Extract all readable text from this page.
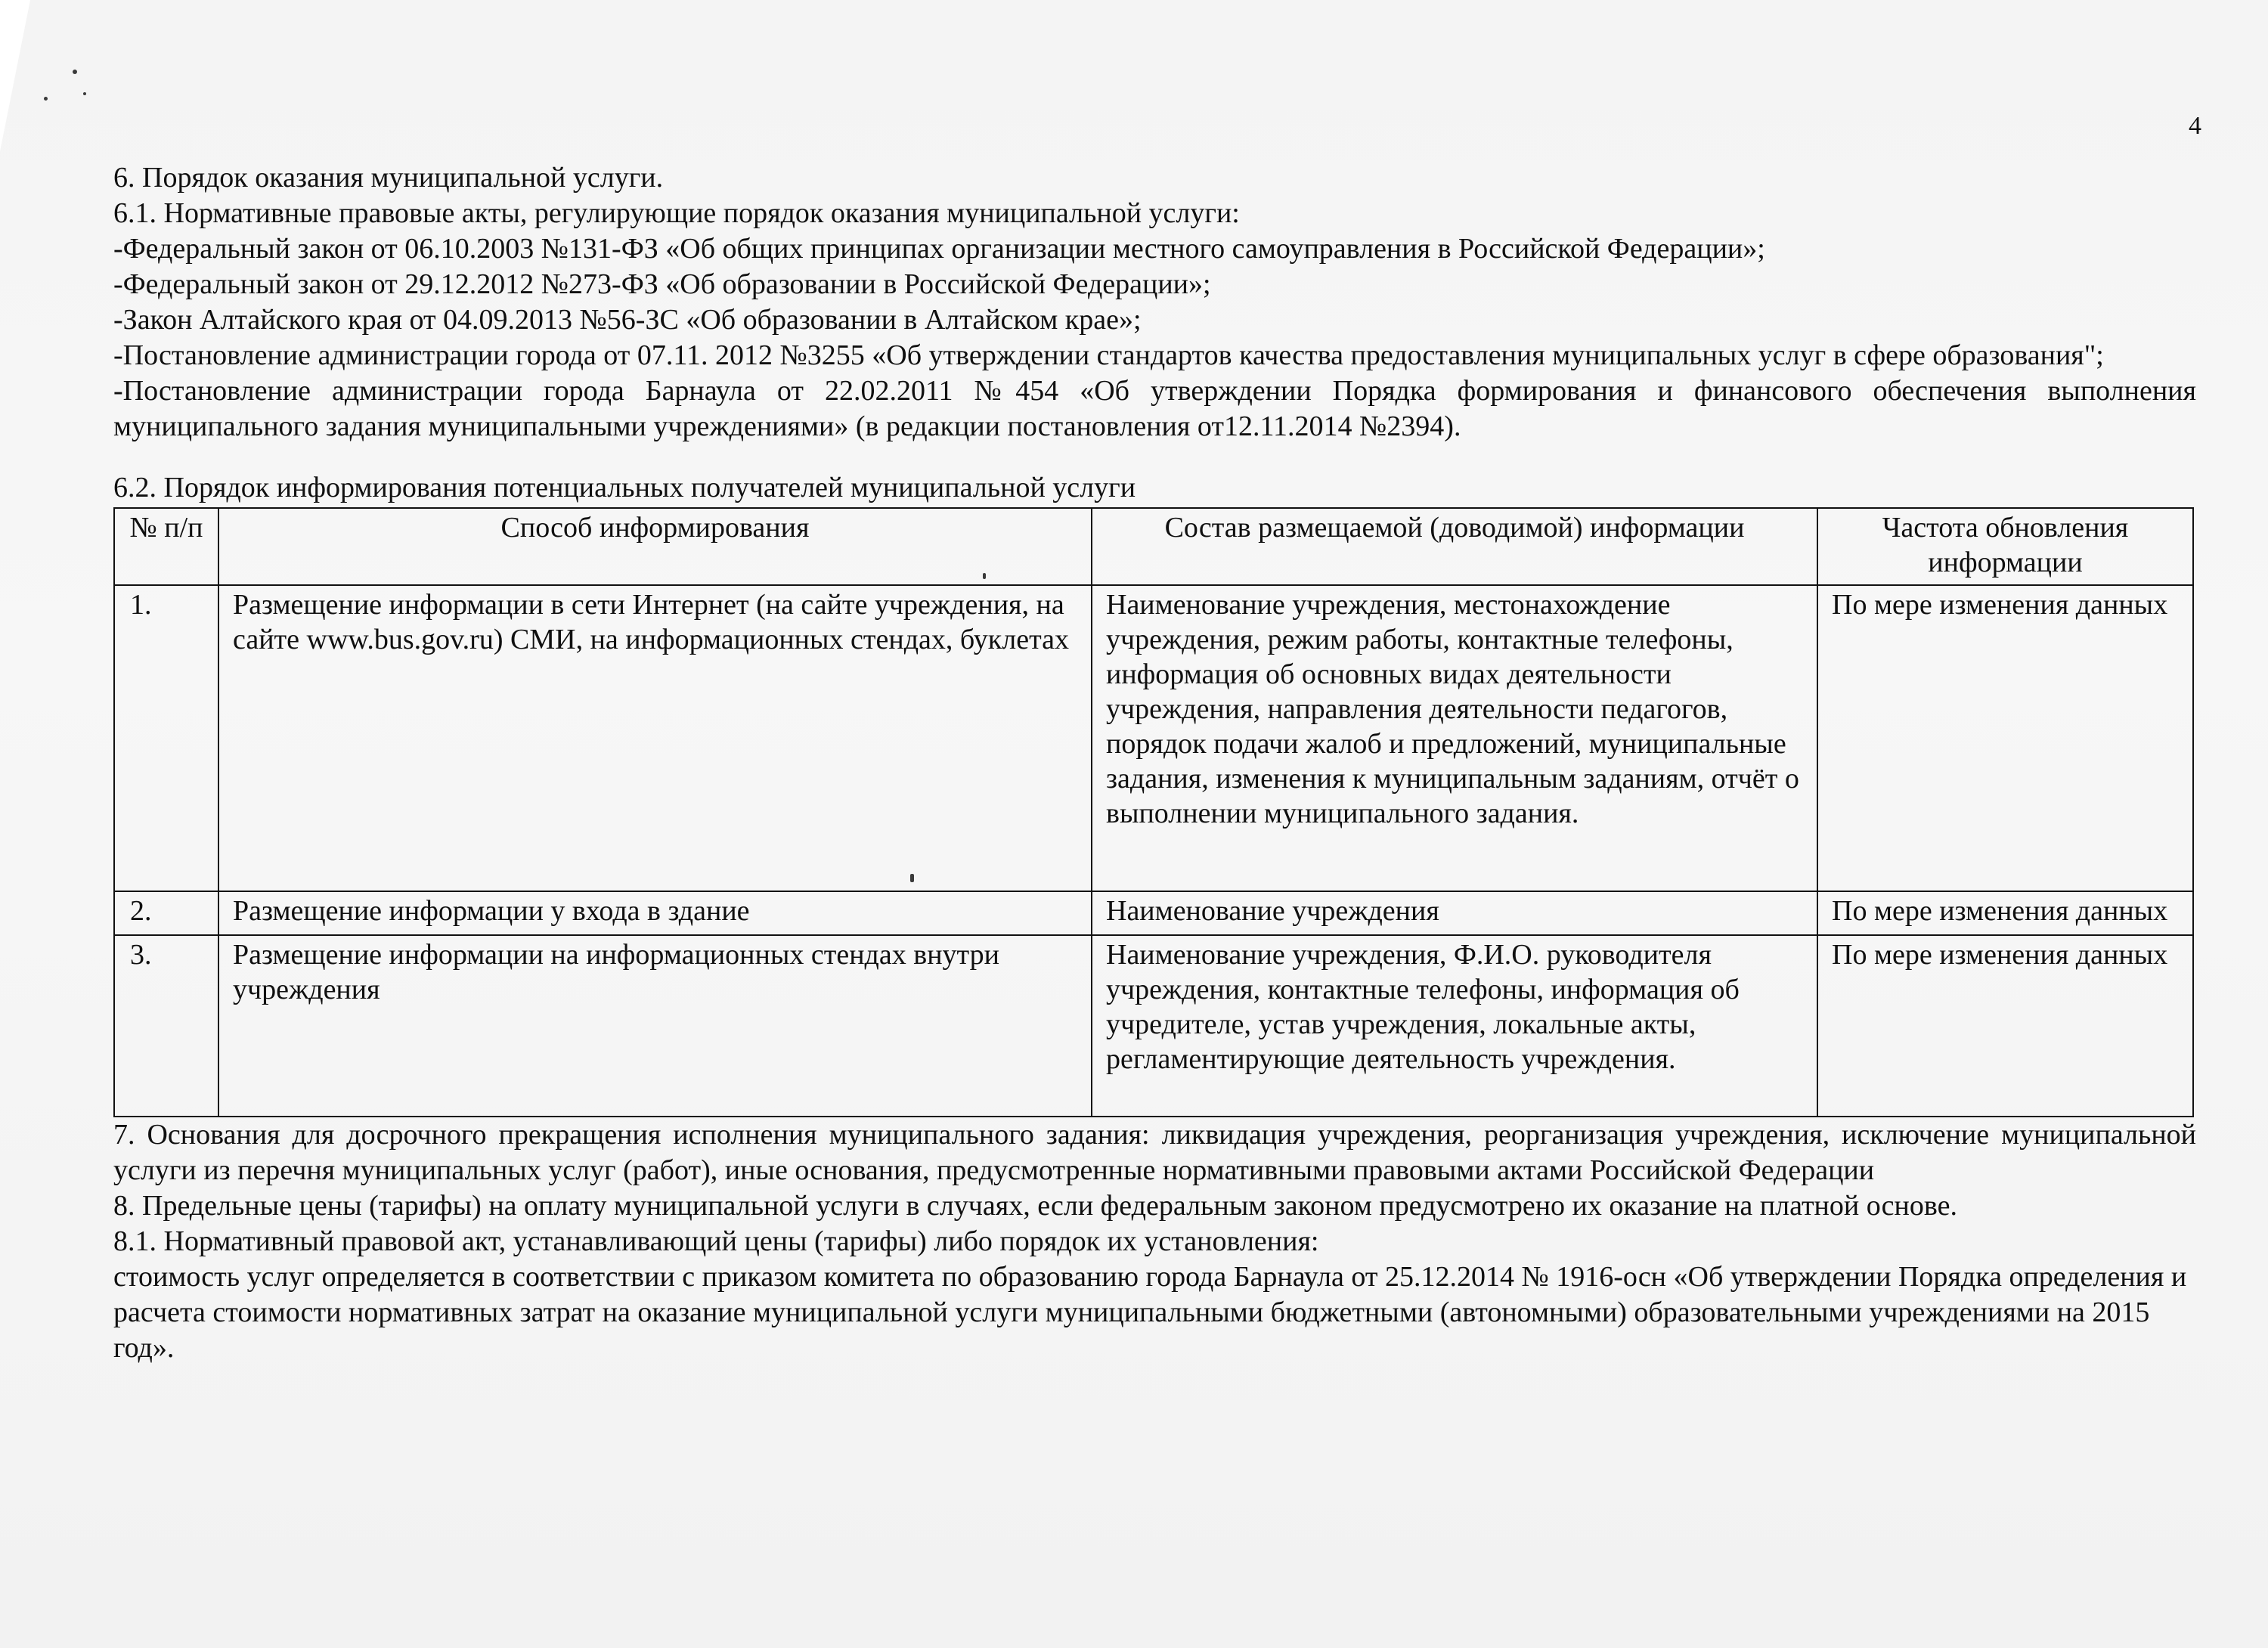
4

6. Порядок оказания муниципальной услуги.

6.1. Нормативные правовые акты, регулирующие порядок оказания муниципальной услуги:

-Федеральный закон от 06.10.2003 №131-ФЗ «Об общих принципах организации местного самоуправления в Российской Федерации»;

-Федеральный закон от 29.12.2012 №273-ФЗ «Об образовании в Российской Федерации»;

-Закон Алтайского края от 04.09.2013 №56-ЗС «Об образовании в Алтайском крае»;

-Постановление администрации города от 07.11. 2012 №3255 «Об утверждении стандартов качества предоставления муниципальных услуг в сфере образования";

-Постановление администрации города Барнаула от 22.02.2011 №454 «Об утверждении Порядка формирования и финансового обеспечения выполнения муниципального задания муниципальными учреждениями» (в редакции постановления от12.11.2014 №2394).

6.2. Порядок информирования потенциальных получателей муниципальной услуги

№ п/п	Способ информирования	Состав размещаемой (доводимой) информации	Частота обновления информации
1.	Размещение информации в сети Интернет (на сайте учреждения, на сайте www.bus.gov.ru) СМИ, на информационных стендах, буклетах	Наименование учреждения, местонахождение учреждения, режим работы, контактные телефоны, информация об основных видах деятельности учреждения, направления деятельности педагогов, порядок подачи жалоб и предложений, муниципальные задания, изменения к муниципальным заданиям, отчёт о выполнении муниципального задания.	По мере изменения данных
2.	Размещение информации у входа в здание	Наименование учреждения	По мере изменения данных
3.	Размещение информации на информационных стендах внутри учреждения	Наименование учреждения, Ф.И.О. руководителя учреждения, контактные телефоны, информация об учредителе, устав учреждения, локальные акты, регламентирующие деятельность учреждения.	По мере изменения данных

7. Основания для досрочного прекращения исполнения муниципального задания: ликвидация учреждения, реорганизация учреждения, исключение муниципальной услуги из перечня муниципальных услуг (работ), иные основания, предусмотренные нормативными правовыми актами Российской Федерации

8. Предельные цены (тарифы) на оплату муниципальной услуги в случаях, если федеральным законом предусмотрено их оказание на платной основе.

8.1. Нормативный правовой акт, устанавливающий цены (тарифы) либо порядок их установления:

стоимость услуг определяется в соответствии с приказом комитета по образованию города Барнаула от 25.12.2014 № 1916-осн «Об утверждении Порядка определения и расчета стоимости нормативных затрат на оказание муниципальной услуги муниципальными бюджетными (автономными) образовательными учреждениями на 2015 год».
